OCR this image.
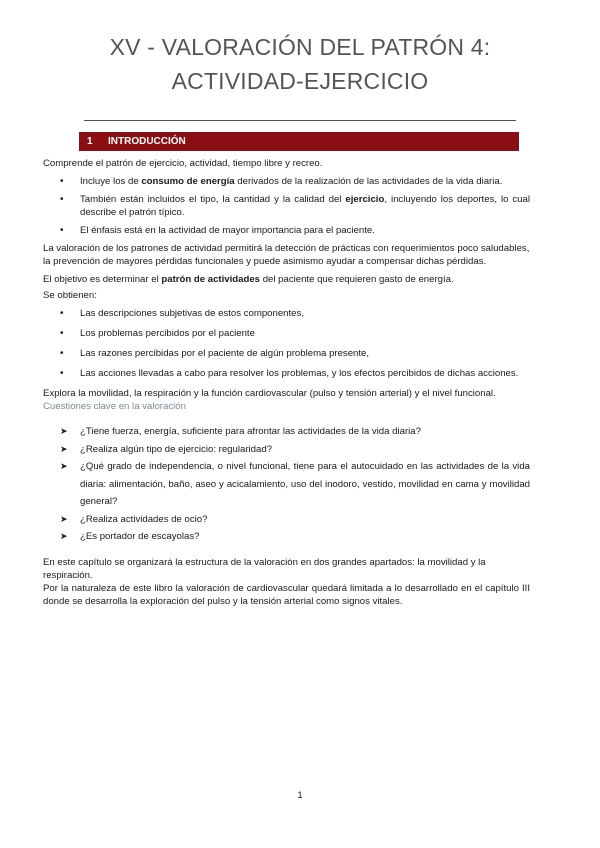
XV - VALORACIÓN DEL PATRÓN 4:
ACTIVIDAD-EJERCICIO
1 INTRODUCCIÓN

Comprende el patrón de ejercicio, actividad, tiempo libre y recreo.

• Incluye los de consumo de energía derivados de la realización de las actividades de la vida diaria.
• También están incluidos el tipo, la cantidad y la calidad del ejercicio, incluyendo los deportes, lo cual describe el patrón típico.
• El énfasis está en la actividad de mayor importancia para el paciente.

La valoración de los patrones de actividad permitirá la detección de prácticas con requerimientos poco saludables, la prevención de mayores pérdidas funcionales y puede asimismo ayudar a compensar dichas pérdidas.

El objetivo es determinar el patrón de actividades del paciente que requieren gasto de energía.

Se obtienen:

• Las descripciones subjetivas de estos componentes,
• Los problemas percibidos por el paciente
• Las razones percibidas por el paciente de algún problema presente,
• Las acciones llevadas a cabo para resolver los problemas, y los efectos percibidos de dichas acciones.

Explora la movilidad, la respiración y la función cardiovascular (pulso y tensión arterial) y el nivel funcional.

Cuestiones clave en la valoración

➤ ¿Tiene fuerza, energía, suficiente para afrontar las actividades de la vida diaria?
➤ ¿Realiza algún tipo de ejercicio: regularidad?
➤ ¿Qué grado de independencia, o nivel funcional, tiene para el autocuidado en las actividades de la vida diaria: alimentación, baño, aseo y acicalamiento, uso del inodoro, vestido, movilidad en cama y movilidad general?
➤ ¿Realiza actividades de ocio?
➤ ¿Es portador de escayolas?

En este capítulo se organizará la estructura de la valoración en dos grandes apartados: la movilidad y la respiración.

Por la naturaleza de este libro la valoración de cardiovascular quedará limitada a lo desarrollado en el capítulo III donde se desarrolla la exploración del pulso y la tensión arterial como signos vitales.

1
